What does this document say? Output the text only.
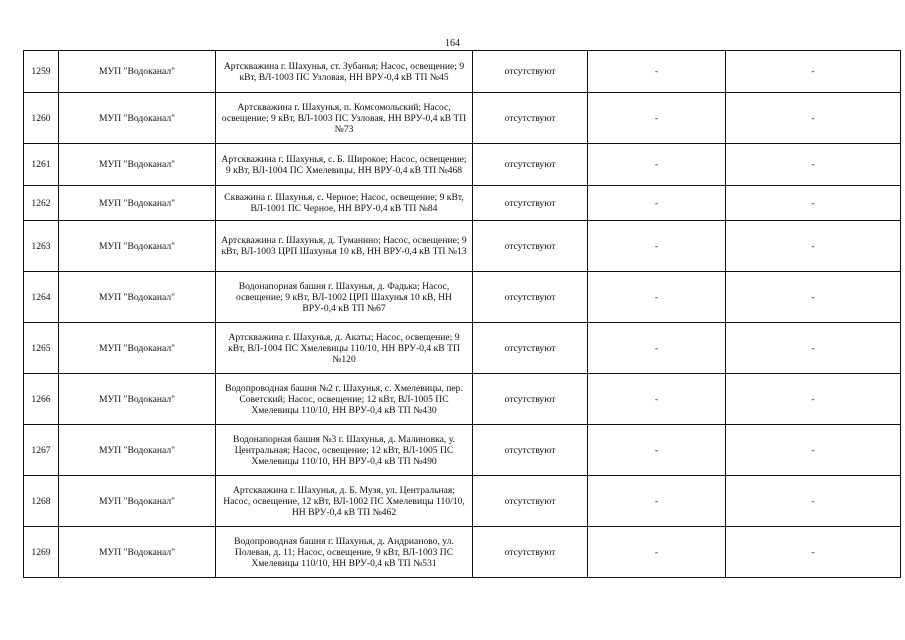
164
1259	МУП "Водоканал"	Артскважина г. Шахунья, ст. Зубанья; Насос, освещение; 9 кВт, ВЛ-1003 ПС Узловая, НН ВРУ-0,4 кВ ТП №45	отсутствуют	-	-
1260	МУП "Водоканал"	Артскважина г. Шахунья, п. Комсомольский; Насос, освещение; 9 кВт, ВЛ-1003 ПС Узловая, НН ВРУ-0,4 кВ ТП №73	отсутствуют	-	-
1261	МУП "Водоканал"	Артскважина г. Шахунья, с. Б. Широкое; Насос, освещение; 9 кВт, ВЛ-1004 ПС Хмелевицы, НН ВРУ-0,4 кВ ТП №468	отсутствуют	-	-
1262	МУП "Водоканал"	Скважина г. Шахунья, с. Черное; Насос, освещение; 9 кВт, ВЛ-1001 ПС Черное, НН ВРУ-0,4 кВ ТП №84	отсутствуют	-	-
1263	МУП "Водоканал"	Артскважина г. Шахунья, д. Туманино; Насос, освещение; 9 кВт, ВЛ-1003 ЦРП Шахунья 10 кВ, НН ВРУ-0,4 кВ ТП №13	отсутствуют	-	-
1264	МУП "Водоканал"	Водонапорная башня г. Шахунья, д. Фадька; Насос, освещение; 9 кВт, ВЛ-1002 ЦРП Шахунья 10 кВ, НН ВРУ-0,4 кВ ТП №67	отсутствуют	-	-
1265	МУП "Водоканал"	Артскважина г. Шахунья, д. Акаты; Насос, освещение; 9 кВт, ВЛ-1004 ПС Хмелевицы 110/10, НН ВРУ-0,4 кВ ТП №120	отсутствуют	-	-
1266	МУП "Водоканал"	Водопроводная башня №2 г. Шахунья, с. Хмелевицы, пер. Советский; Насос, освещение; 12 кВт, ВЛ-1005 ПС Хмелевицы 110/10, НН ВРУ-0,4 кВ ТП №430	отсутствуют	-	-
1267	МУП "Водоканал"	Водонапорная башня №3 г. Шахунья, д. Малиновка, у. Центральная; Насос, освещение; 12 кВт, ВЛ-1005 ПС Хмелевицы 110/10, НН ВРУ-0,4 кВ ТП №490	отсутствуют	-	-
1268	МУП "Водоканал"	Артскважина г. Шахунья, д. Б. Музя, ул. Центральная; Насос, освещение, 12 кВт, ВЛ-1002 ПС Хмелевицы 110/10, НН ВРУ-0,4 кВ ТП №462	отсутствуют	-	-
1269	МУП "Водоканал"	Водопроводная башня г. Шахунья, д. Андрианово, ул. Полевая, д. 11; Насос, освещение, 9 кВт, ВЛ-1003 ПС Хмелевицы 110/10, НН ВРУ-0,4 кВ ТП №531	отсутствуют	-	-
